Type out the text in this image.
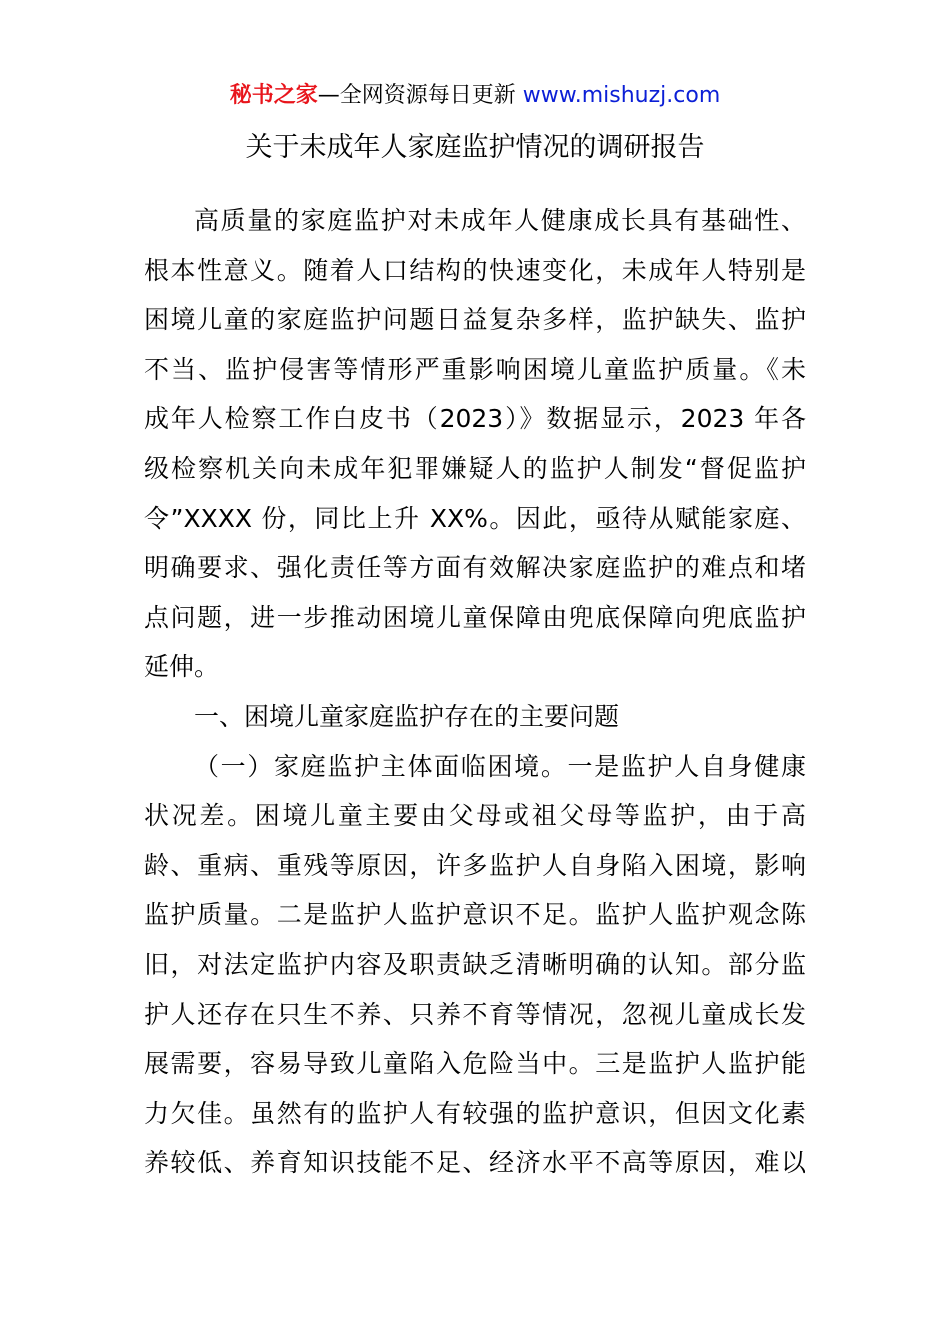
秘书之家—全网资源每日更新 www.mishuzj.com
关于未成年人家庭监护情况的调研报告
高质量的家庭监护对未成年人健康成长具有基础性、
根本性意义。随着人口结构的快速变化，未成年人特别是
困境儿童的家庭监护问题日益复杂多样，监护缺失、监护
不当、监护侵害等情形严重影响困境儿童监护质量。《未
成年人检察工作白皮书（2023）》数据显示，2023 年各
级检察机关向未成年犯罪嫌疑人的监护人制发“督促监护
令”XXXX 份，同比上升 XX%。因此，亟待从赋能家庭、
明确要求、强化责任等方面有效解决家庭监护的难点和堵
点问题，进一步推动困境儿童保障由兜底保障向兜底监护
延伸。
一、困境儿童家庭监护存在的主要问题
（一）家庭监护主体面临困境。一是监护人自身健康
状况差。困境儿童主要由父母或祖父母等监护，由于高
龄、重病、重残等原因，许多监护人自身陷入困境，影响
监护质量。二是监护人监护意识不足。监护人监护观念陈
旧，对法定监护内容及职责缺乏清晰明确的认知。部分监
护人还存在只生不养、只养不育等情况，忽视儿童成长发
展需要，容易导致儿童陷入危险当中。三是监护人监护能
力欠佳。虽然有的监护人有较强的监护意识，但因文化素
养较低、养育知识技能不足、经济水平不高等原因，难以
